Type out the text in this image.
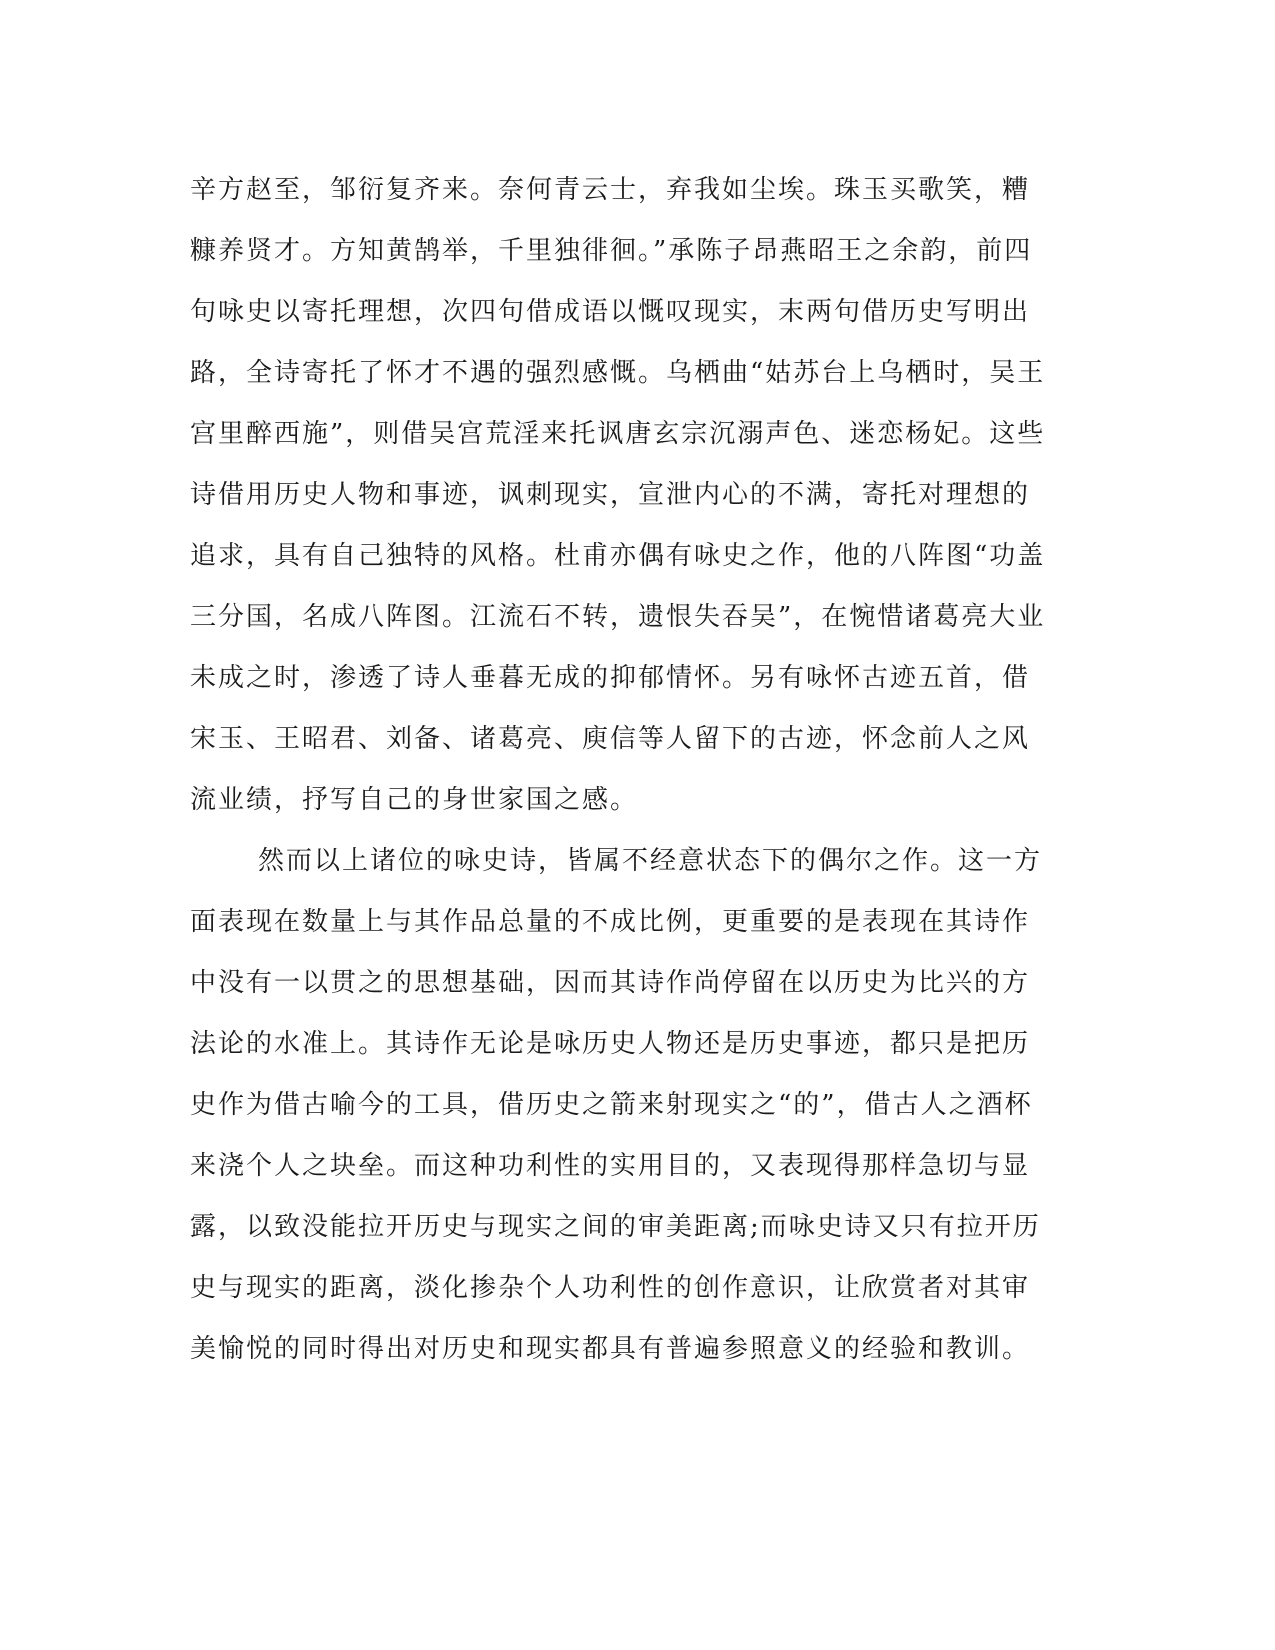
辛方赵至，邹衍复齐来。奈何青云士，弃我如尘埃。珠玉买歌笑，糟
糠养贤才。方知黄鹄举，千里独徘徊。”承陈子昂燕昭王之余韵，前四
句咏史以寄托理想，次四句借成语以慨叹现实，末两句借历史写明出
路，全诗寄托了怀才不遇的强烈感慨。乌栖曲“姑苏台上乌栖时，吴王
宫里醉西施”，则借吴宫荒淫来托讽唐玄宗沉溺声色、迷恋杨妃。这些
诗借用历史人物和事迹，讽刺现实，宣泄内心的不满，寄托对理想的
追求，具有自己独特的风格。杜甫亦偶有咏史之作，他的八阵图“功盖
三分国，名成八阵图。江流石不转，遗恨失吞吴”，在惋惜诸葛亮大业
未成之时，渗透了诗人垂暮无成的抑郁情怀。另有咏怀古迹五首，借
宋玉、王昭君、刘备、诸葛亮、庾信等人留下的古迹，怀念前人之风
流业绩，抒写自己的身世家国之感。
然而以上诸位的咏史诗，皆属不经意状态下的偶尔之作。这一方
面表现在数量上与其作品总量的不成比例，更重要的是表现在其诗作
中没有一以贯之的思想基础，因而其诗作尚停留在以历史为比兴的方
法论的水准上。其诗作无论是咏历史人物还是历史事迹，都只是把历
史作为借古喻今的工具，借历史之箭来射现实之“的”，借古人之酒杯
来浇个人之块垒。而这种功利性的实用目的，又表现得那样急切与显
露，以致没能拉开历史与现实之间的审美距离;而咏史诗又只有拉开历
史与现实的距离，淡化掺杂个人功利性的创作意识，让欣赏者对其审
美愉悦的同时得出对历史和现实都具有普遍参照意义的经验和教训。
